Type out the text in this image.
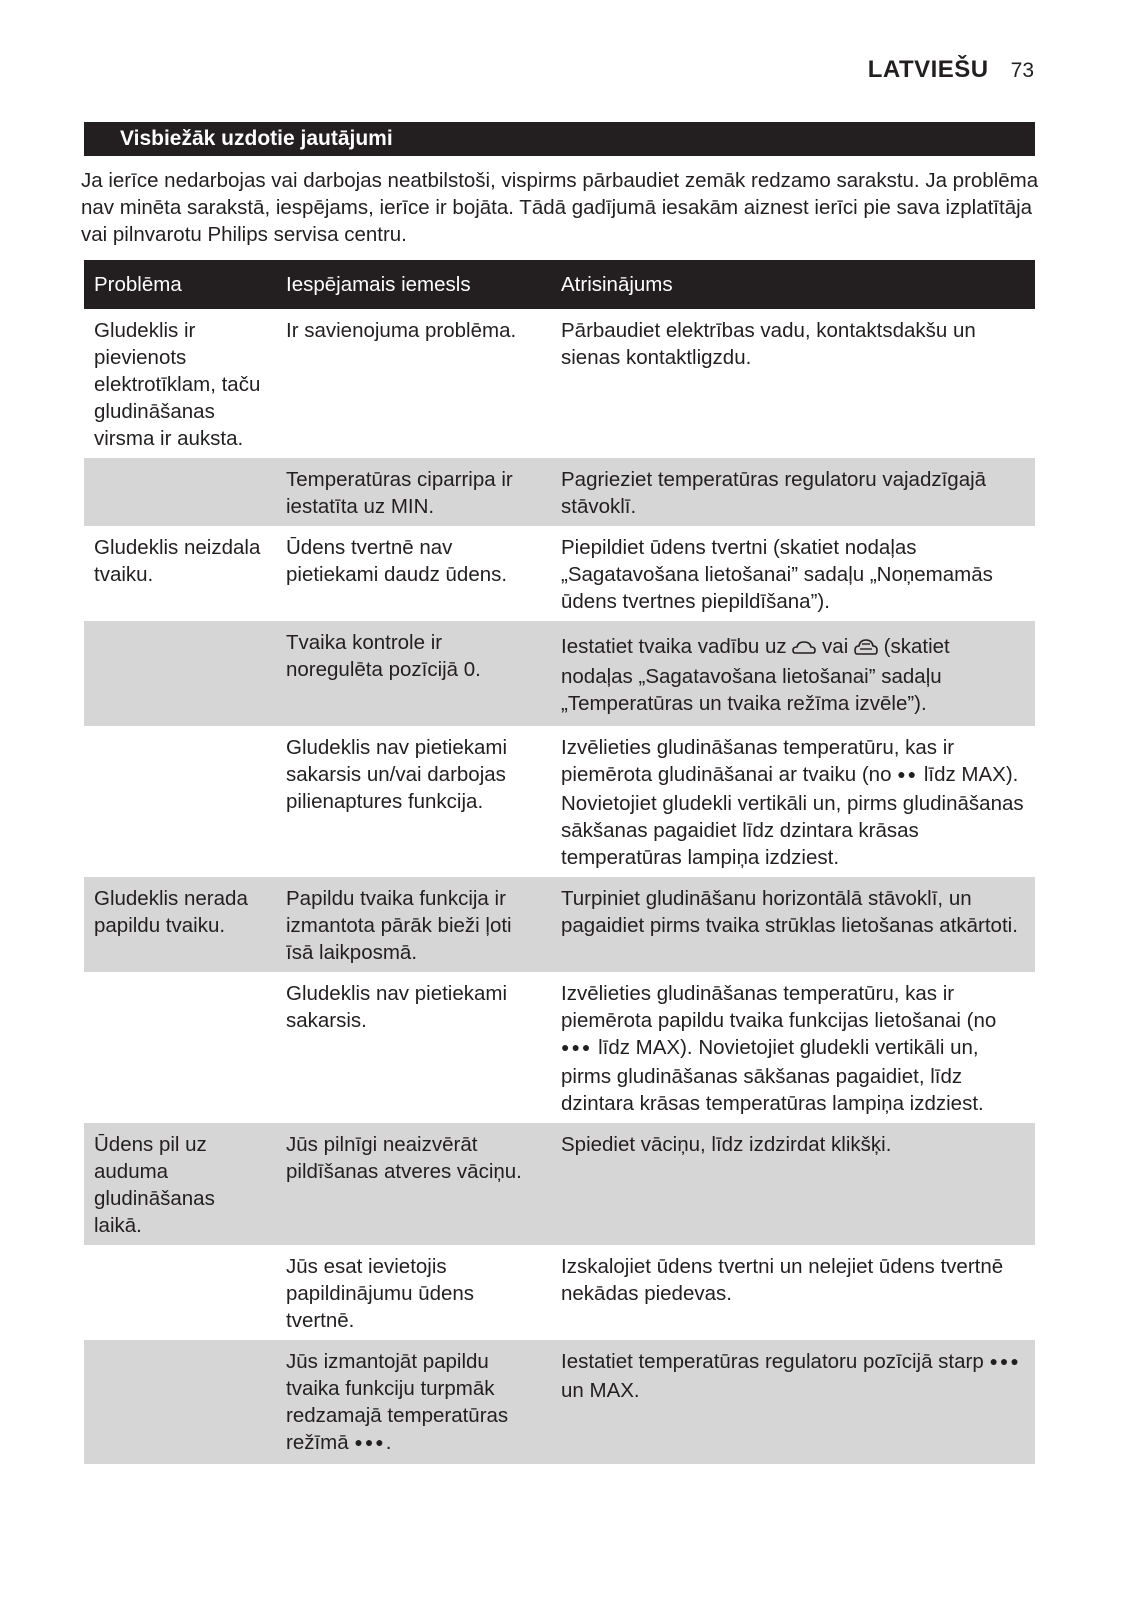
LATVIEŠU 73
Visbiežāk uzdotie jautājumi

Ja ierīce nedarbojas vai darbojas neatbilstoši, vispirms pārbaudiet zemāk redzamo sarakstu. Ja problēma nav minēta sarakstā, iespējams, ierīce ir bojāta. Tādā gadījumā iesakām aiznest ierīci pie sava izplatītāja vai pilnvarotu Philips servisa centru.

Problēma	Iespējamais iemesls	Atrisinājums
Gludeklis ir pievienots elektrotīklam, taču gludināšanas virsma ir auksta.	Ir savienojuma problēma.	Pārbaudiet elektrības vadu, kontaktsdakšu un sienas kontaktligzdu.
	Temperatūras ciparripa ir iestatīta uz MIN.	Pagrieziet temperatūras regulatoru vajadzīgajā stāvoklī.
Gludeklis neizdala tvaiku.	Ūdens tvertnē nav pietiekami daudz ūdens.	Piepildiet ūdens tvertni (skatiet nodaļas „Sagatavošana lietošanai” sadaļu „Noņemamās ūdens tvertnes piepildīšana”).
	Tvaika kontrole ir noregulēta pozīcijā 0.	Iestatiet tvaika vadību uz vai (skatiet nodaļas „Sagatavošana lietošanai” sadaļu „Temperatūras un tvaika režīma izvēle”).
	Gludeklis nav pietiekami sakarsis un/vai darbojas pilienaptures funkcija.	Izvēlieties gludināšanas temperatūru, kas ir piemērota gludināšanai ar tvaiku (no ●● līdz MAX). Novietojiet gludekli vertikāli un, pirms gludināšanas sākšanas pagaidiet līdz dzintara krāsas temperatūras lampiņa izdziest.
Gludeklis nerada papildu tvaiku.	Papildu tvaika funkcija ir izmantota pārāk bieži ļoti īsā laikposmā.	Turpiniet gludināšanu horizontālā stāvoklī, un pagaidiet pirms tvaika strūklas lietošanas atkārtoti.
	Gludeklis nav pietiekami sakarsis.	Izvēlieties gludināšanas temperatūru, kas ir piemērota papildu tvaika funkcijas lietošanai (no ●●● līdz MAX). Novietojiet gludekli vertikāli un, pirms gludināšanas sākšanas pagaidiet, līdz dzintara krāsas temperatūras lampiņa izdziest.
Ūdens pil uz auduma gludināšanas laikā.	Jūs pilnīgi neaizvērāt pildīšanas atveres vāciņu.	Spiediet vāciņu, līdz izdzirdat klikšķi.
	Jūs esat ievietojis papildinājumu ūdens tvertnē.	Izskalojiet ūdens tvertni un nelejiet ūdens tvertnē nekādas piedevas.
	Jūs izmantojāt papildu tvaika funkciju turpmāk redzamajā temperatūras režīmā ●●●.	Iestatiet temperatūras regulatoru pozīcijā starp ●●● un MAX.
